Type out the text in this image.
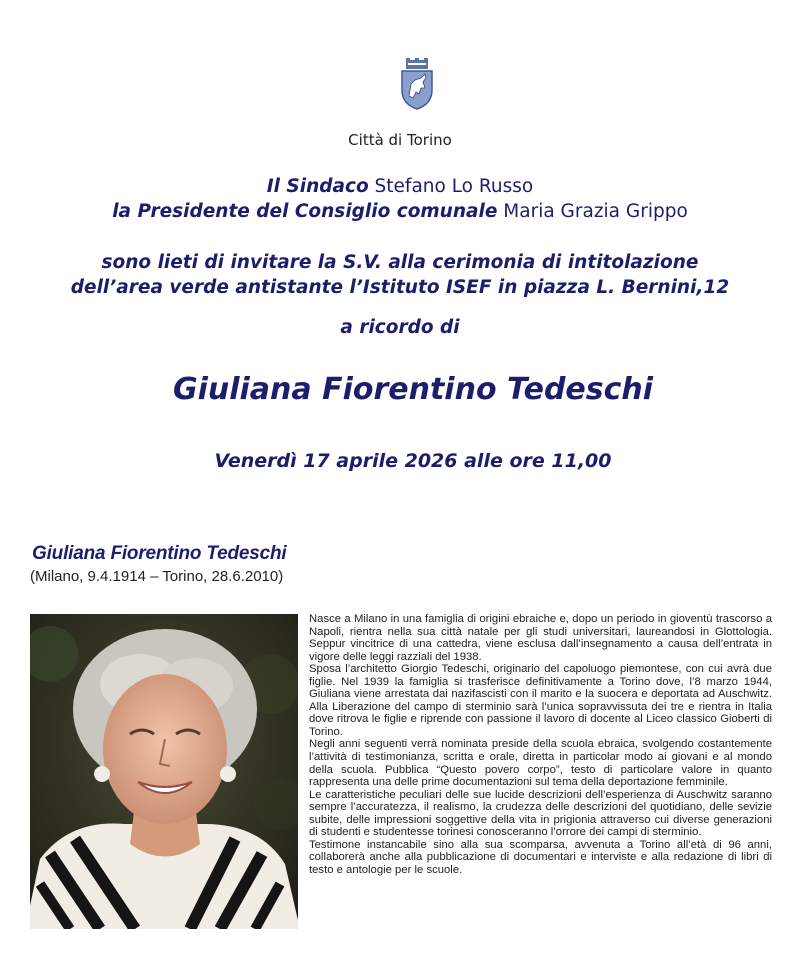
Città di Torino
Il Sindaco Stefano Lo Russo
la Presidente del Consiglio comunale Maria Grazia Grippo
sono lieti di invitare la S.V. alla cerimonia di intitolazione
dell’area verde antistante l’Istituto ISEF in piazza L. Bernini,12
a ricordo di
Giuliana Fiorentino Tedeschi
Venerdì 17 aprile 2026 alle ore 11,00
Giuliana Fiorentino Tedeschi
(Milano, 9.4.1914 – Torino, 28.6.2010)

Nasce a Milano in una famiglia di origini ebraiche e, dopo un periodo in gioventù trascorso a Napoli, rientra nella sua città natale per gli studi universitari, laureandosi in Glottologia. Seppur vincitrice di una cattedra, viene esclusa dall’insegnamento a causa dell’entrata in vigore delle leggi razziali del 1938.

Sposa l’architetto Giorgio Tedeschi, originario del capoluogo piemontese, con cui avrà due figlie. Nel 1939 la famiglia si trasferisce definitivamente a Torino dove, l’8 marzo 1944, Giuliana viene arrestata dai nazifascisti con il marito e la suocera e deportata ad Auschwitz. Alla Liberazione del campo di sterminio sarà l’unica sopravvissuta dei tre e rientra in Italia dove ritrova le figlie e riprende con passione il lavoro di docente al Liceo classico Gioberti di Torino.

Negli anni seguenti verrà nominata preside della scuola ebraica, svolgendo costantemente l’attività di testimonianza, scritta e orale, diretta in particolar modo ai giovani e al mondo della scuola. Pubblica “Questo povero corpo”, testo di particolare valore in quanto rappresenta una delle prime documentazioni sul tema della deportazione femminile.

Le caratteristiche peculiari delle sue lucide descrizioni dell’esperienza di Auschwitz saranno sempre l’accuratezza, il realismo, la crudezza delle descrizioni del quotidiano, delle sevizie subite, delle impressioni soggettive della vita in prigionia attraverso cui diverse generazioni di studenti e studentesse torinesi conosceranno l’orrore dei campi di sterminio.

Testimone instancabile sino alla sua scomparsa, avvenuta a Torino all’età di 96 anni, collaborerà anche alla pubblicazione di documentari e interviste e alla redazione di libri di testo e antologie per le scuole.
